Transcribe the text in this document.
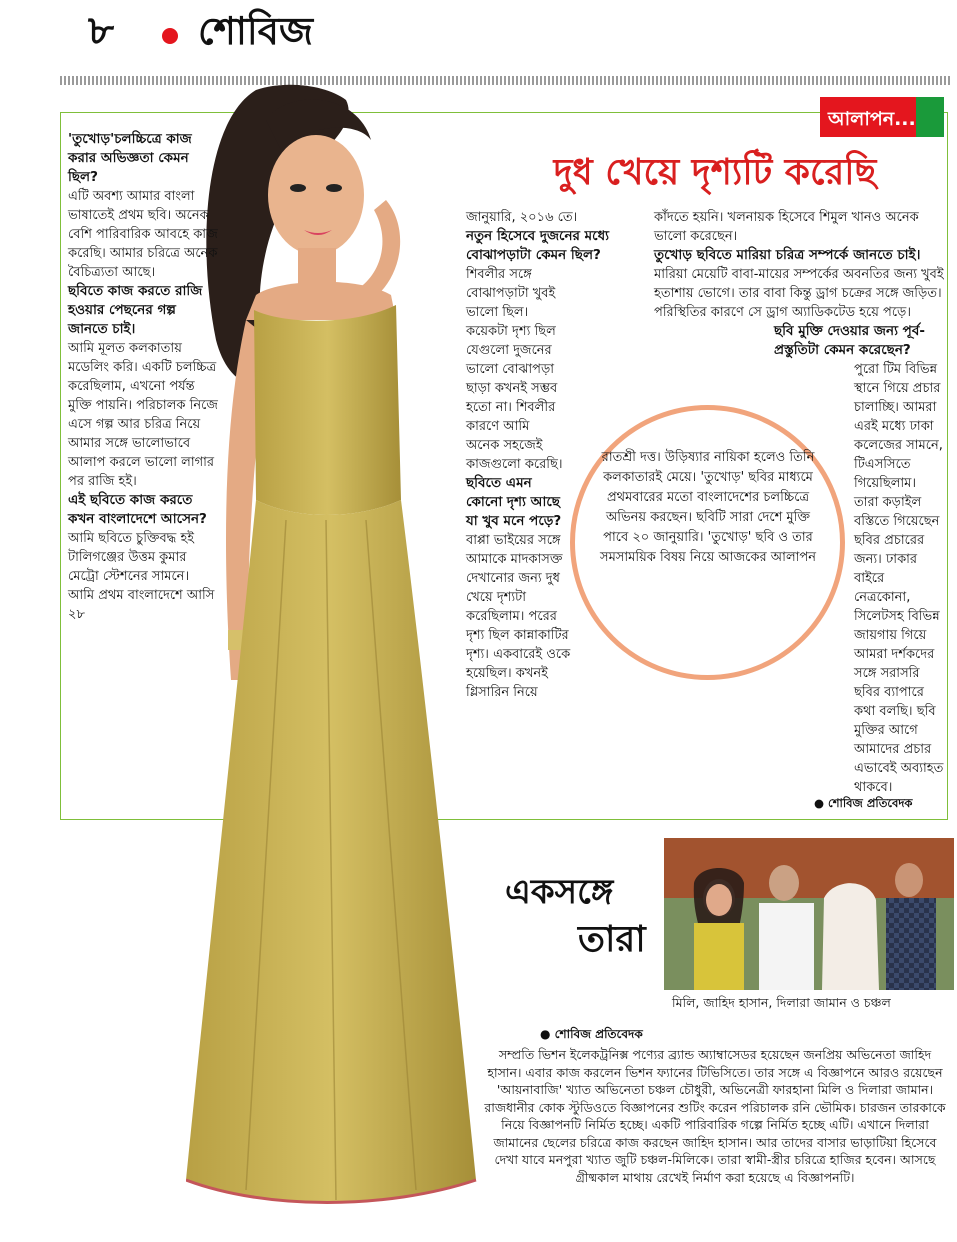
৮ শোবিজ
আলাপন...
দুধ খেয়ে দৃশ্যটি করেছি

'তুখোড়'চলচ্চিত্রে কাজ করার অভিজ্ঞতা কেমন ছিল?

এটি অবশ্য আমার বাংলা ভাষাতেই প্রথম ছবি। অনেক বেশি পারিবারিক আবহে কাজ করেছি। আমার চরিত্রে অনেক বৈচিত্র্যতা আছে।

ছবিতে কাজ করতে রাজি হওয়ার পেছনের গল্প জানতে চাই।

আমি মূলত কলকাতায় মডেলিং করি। একটি চলচ্চিত্র করেছিলাম, এখনো পর্যন্ত মুক্তি পায়নি। পরিচালক নিজে এসে গল্প আর চরিত্র নিয়ে আমার সঙ্গে ভালোভাবে আলাপ করলে ভালো লাগার পর রাজি হই।

এই ছবিতে কাজ করতে কখন বাংলাদেশে আসেন?

আমি ছবিতে চুক্তিবদ্ধ হই টালিগঞ্জের উত্তম কুমার মেট্রো স্টেশনের সামনে। আমি প্রথম বাংলাদেশে আসি ২৮

জানুয়ারি, ২০১৬ তে।

নতুন হিসেবে দুজনের মধ্যে বোঝাপড়াটা কেমন ছিল?

শিবলীর সঙ্গে বোঝাপড়াটা খুবই ভালো ছিল। কয়েকটা দৃশ্য ছিল যেগুলো দুজনের ভালো বোঝাপড়া ছাড়া কখনই সম্ভব হতো না। শিবলীর কারণে আমি অনেক সহজেই কাজগুলো করেছি।

ছবিতে এমন কোনো দৃশ্য আছে যা খুব মনে পড়ে?

বাপ্পা ভাইয়ের সঙ্গে আমাকে মাদকাসক্ত দেখানোর জন্য দুধ খেয়ে দৃশ্যটা করেছিলাম। পরের দৃশ্য ছিল কান্নাকাটির দৃশ্য। একবারেই ওকে হয়েছিল। কখনই গ্লিসারিন নিয়ে

কাঁদতে হয়নি। খলনায়ক হিসেবে শিমুল খানও অনেক ভালো করেছেন।

তুখোড় ছবিতে মারিয়া চরিত্র সম্পর্কে জানতে চাই।

মারিয়া মেয়েটি বাবা-মায়ের সম্পর্কের অবনতির জন্য খুবই হতাশায় ভোগে। তার বাবা কিন্তু ড্রাগ চক্রের সঙ্গে জড়িত। পরিস্থিতির কারণে সে ড্রাগ অ্যাডিকটেড হয়ে পড়ে।

ছবি মুক্তি দেওয়ার জন্য পূর্ব-প্রস্তুতিটা কেমন করেছেন?

পুরো টিম বিভিন্ন স্থানে গিয়ে প্রচার চালাচ্ছি। আমরা এরই মধ্যে ঢাকা কলেজের সামনে, টিএসসিতে গিয়েছিলাম। তারা কড়াইল বস্তিতে গিয়েছেন ছবির প্রচারের জন্য। ঢাকার বাইরে নেত্রকোনা, সিলেটসহ বিভিন্ন জায়গায় গিয়ে আমরা দর্শকদের সঙ্গে সরাসরি ছবির ব্যাপারে কথা বলছি। ছবি মুক্তির আগে আমাদের প্রচার এভাবেই অব্যাহত থাকবে।

রাতশ্রী দত্ত। উড়িষ্যার নায়িকা হলেও তিনি কলকাতারই মেয়ে। 'তুখোড়' ছবির মাধ্যমে প্রথমবারের মতো বাংলাদেশের চলচ্চিত্রে অভিনয় করছেন। ছবিটি সারা দেশে মুক্তি পাবে ২০ জানুয়ারি। 'তুখোড়' ছবি ও তার সমসাময়িক বিষয় নিয়ে আজকের আলাপন
● শোবিজ প্রতিবেদক
একসঙ্গে
তারা
মিলি, জাহিদ হাসান, দিলারা জামান ও চঞ্চল
● শোবিজ প্রতিবেদক

সম্প্রতি ভিশন ইলেকট্রনিক্স পণ্যের ব্র্যান্ড অ্যাম্বাসেডর হয়েছেন জনপ্রিয় অভিনেতা জাহিদ হাসান। এবার কাজ করলেন ভিশন ফ্যানের টিভিসিতে। তার সঙ্গে এ বিজ্ঞাপনে আরও রয়েছেন 'আয়নাবাজি' খ্যাত অভিনেতা চঞ্চল চৌধুরী, অভিনেত্রী ফারহানা মিলি ও দিলারা জামান। রাজধানীর কোক স্টুডিওতে বিজ্ঞাপনের শুটিং করেন পরিচালক রনি ভৌমিক। চারজন তারকাকে নিয়ে বিজ্ঞাপনটি নির্মিত হচ্ছে। একটি পারিবারিক গল্পে নির্মিত হচ্ছে এটি। এখানে দিলারা জামানের ছেলের চরিত্রে কাজ করছেন জাহিদ হাসান। আর তাদের বাসার ভাড়াটিয়া হিসেবে দেখা যাবে মনপুরা খ্যাত জুটি চঞ্চল-মিলিকে। তারা স্বামী-স্ত্রীর চরিত্রে হাজির হবেন। আসছে গ্রীষ্মকাল মাথায় রেখেই নির্মাণ করা হয়েছে এ বিজ্ঞাপনটি।
